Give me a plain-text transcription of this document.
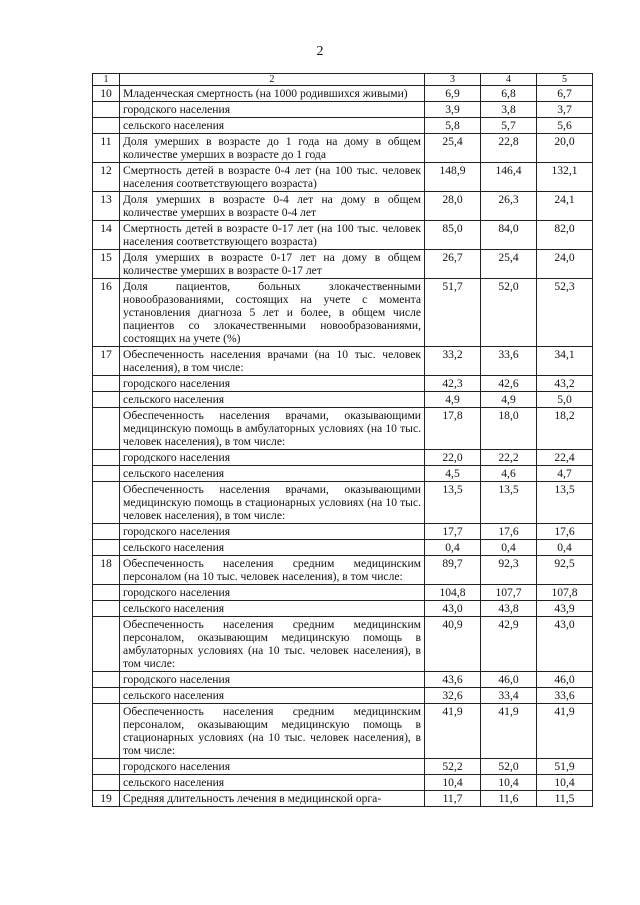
2
1	2	3	4	5
10	Младенческая смертность (на 1000 родившихся живыми)	6,9	6,8	6,7
	городского населения	3,9	3,8	3,7
	сельского населения	5,8	5,7	5,6
11	Доля умерших в возрасте до 1 года на дому в общем количестве умерших в возрасте до 1 года	25,4	22,8	20,0
12	Смертность детей в возрасте 0-4 лет (на 100 тыс. человек населения соответствующего возраста)	148,9	146,4	132,1
13	Доля умерших в возрасте 0-4 лет на дому в общем количестве умерших в возрасте 0-4 лет	28,0	26,3	24,1
14	Смертность детей в возрасте 0-17 лет (на 100 тыс. человек населения соответствующего возраста)	85,0	84,0	82,0
15	Доля умерших в возрасте 0-17 лет на дому в общем количестве умерших в возрасте 0-17 лет	26,7	25,4	24,0
16	Доля пациентов, больных злокачественными новообразованиями, состоящих на учете с момента установления диагноза 5 лет и более, в общем числе пациентов со злокачественными новообразованиями, состоящих на учете (%)	51,7	52,0	52,3
17	Обеспеченность населения врачами (на 10 тыс. человек населения), в том числе:	33,2	33,6	34,1
	городского населения	42,3	42,6	43,2
	сельского населения	4,9	4,9	5,0
	Обеспеченность населения врачами, оказывающими медицинскую помощь в амбулаторных условиях (на 10 тыс. человек населения), в том числе:	17,8	18,0	18,2
	городского населения	22,0	22,2	22,4
	сельского населения	4,5	4,6	4,7
	Обеспеченность населения врачами, оказывающими медицинскую помощь в стационарных условиях (на 10 тыс. человек населения), в том числе:	13,5	13,5	13,5
	городского населения	17,7	17,6	17,6
	сельского населения	0,4	0,4	0,4
18	Обеспеченность населения средним медицинским персоналом (на 10 тыс. человек населения), в том числе:	89,7	92,3	92,5
	городского населения	104,8	107,7	107,8
	сельского населения	43,0	43,8	43,9
	Обеспеченность населения средним медицинским персоналом, оказывающим медицинскую помощь в амбулаторных условиях (на 10 тыс. человек населения), в том числе:	40,9	42,9	43,0
	городского населения	43,6	46,0	46,0
	сельского населения	32,6	33,4	33,6
	Обеспеченность населения средним медицинским персоналом, оказывающим медицинскую помощь в стационарных условиях (на 10 тыс. человек населения), в том числе:	41,9	41,9	41,9
	городского населения	52,2	52,0	51,9
	сельского населения	10,4	10,4	10,4
19	Средняя длительность лечения в медицинской орга-	11,7	11,6	11,5
